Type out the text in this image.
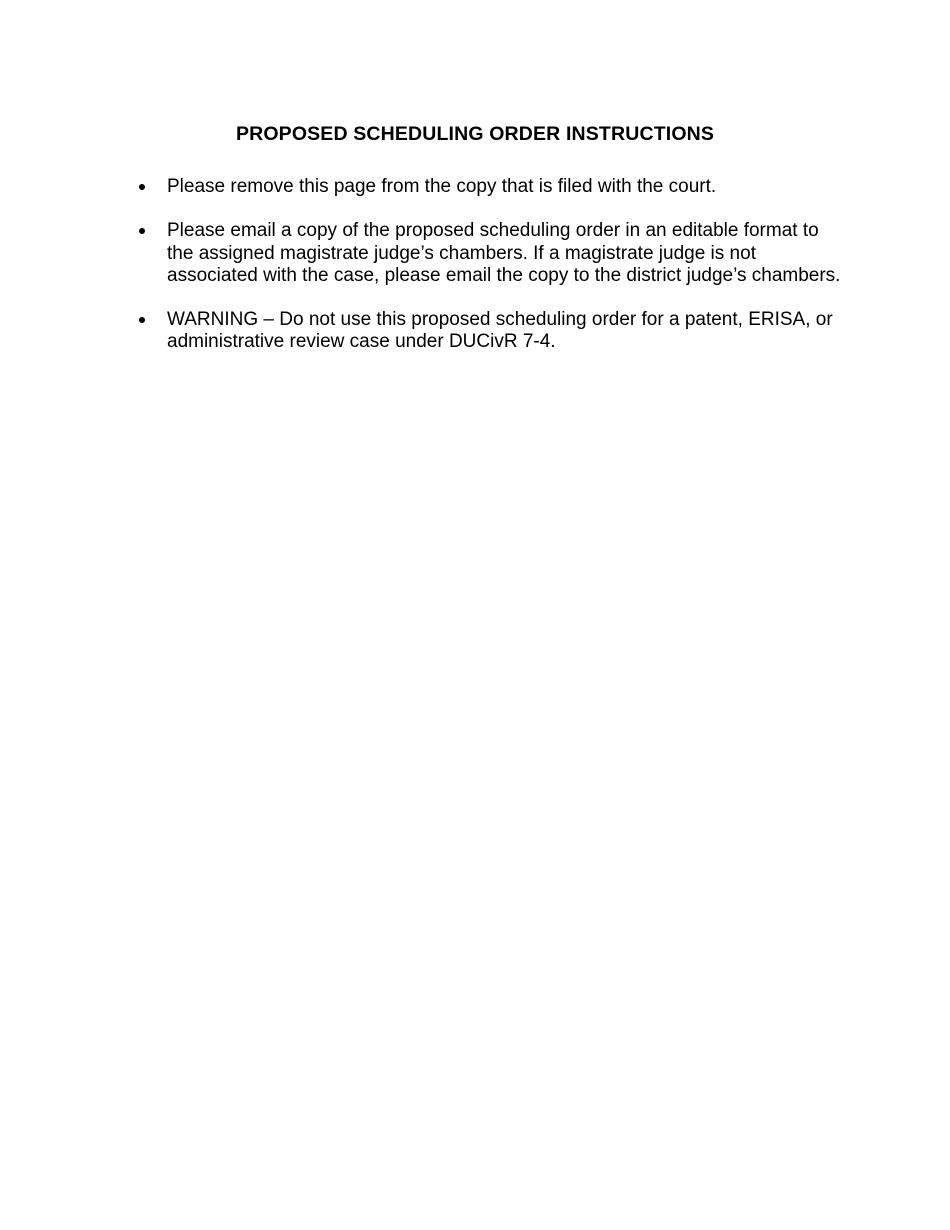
PROPOSED SCHEDULING ORDER INSTRUCTIONS
Please remove this page from the copy that is filed with the court.
Please email a copy of the proposed scheduling order in an editable format to the assigned magistrate judge’s chambers. If a magistrate judge is not associated with the case, please email the copy to the district judge’s chambers.
WARNING – Do not use this proposed scheduling order for a patent, ERISA, or administrative review case under DUCivR 7-4.
